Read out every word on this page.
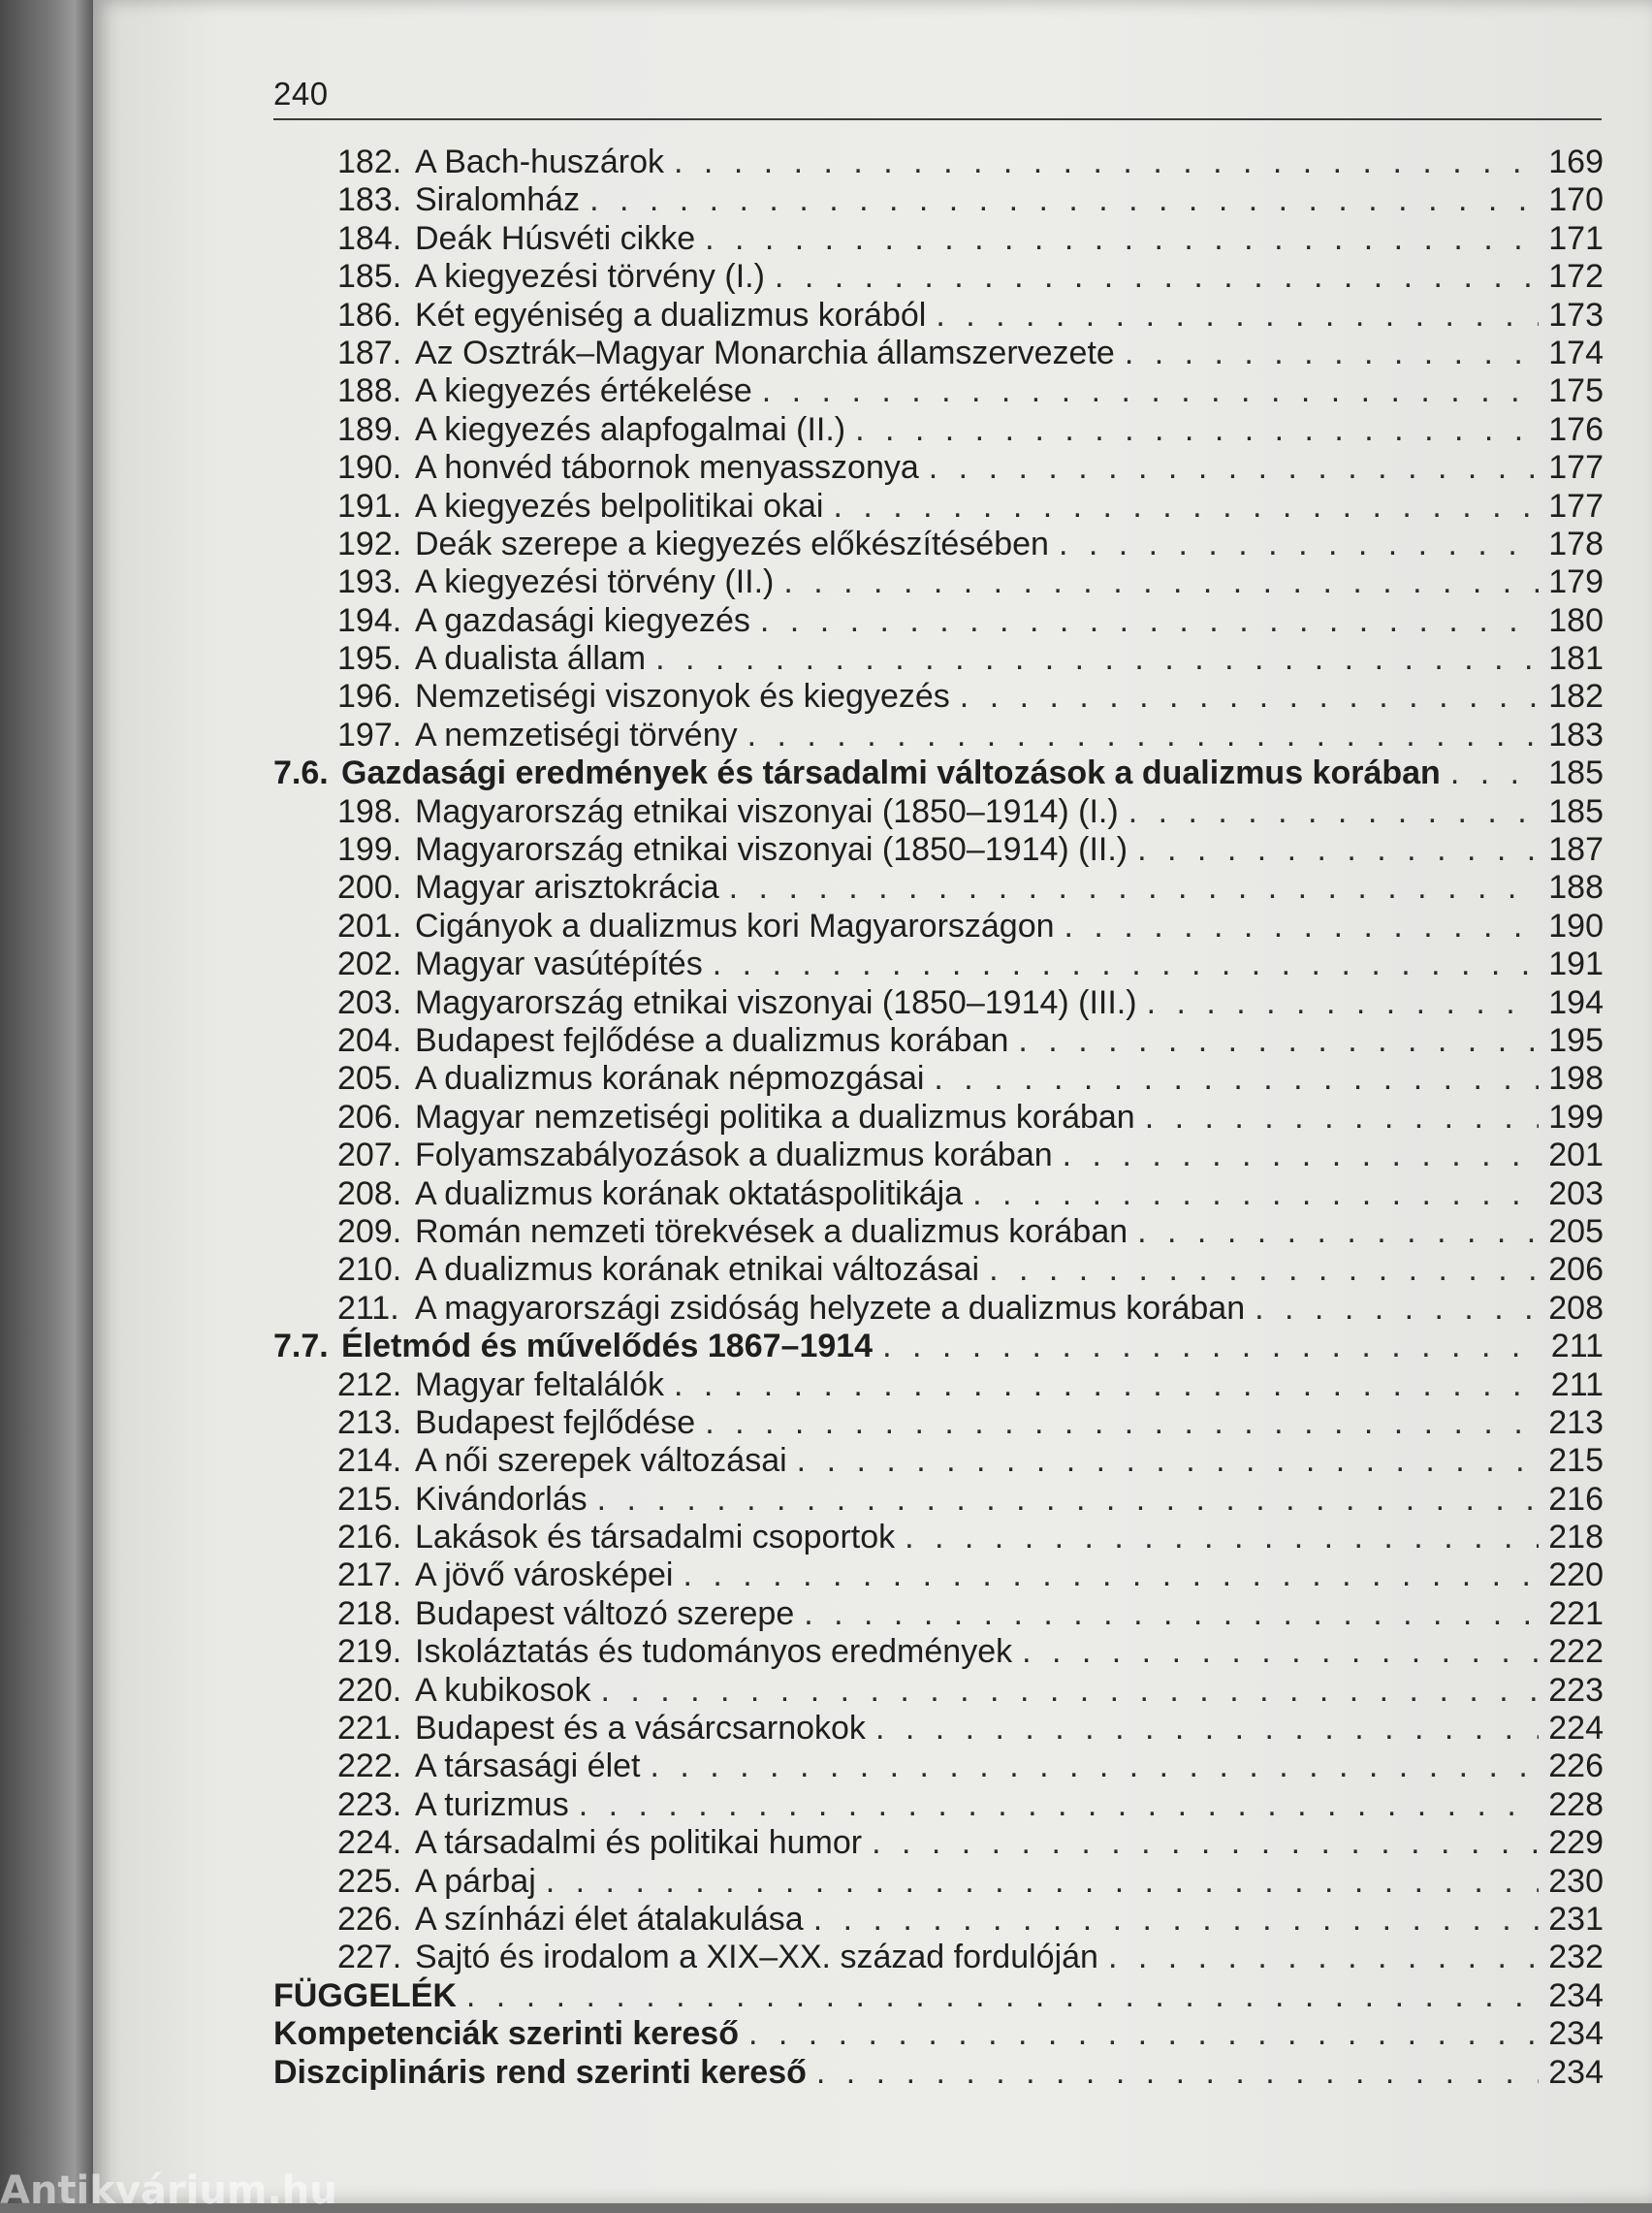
240
182. A Bach-huszárok . . .	169
183. Siralomház . . .	170
184. Deák Húsvéti cikke . . .	171
185. A kiegyezési törvény (I.) . . .	172
186. Két egyéniség a dualizmus korából . . .	173
187. Az Osztrák–Magyar Monarchia államszervezete . . .	174
188. A kiegyezés értékelése . . .	175
189. A kiegyezés alapfogalmai (II.) . . .	176
190. A honvéd tábornok menyasszonya . . .	177
191. A kiegyezés belpolitikai okai . . .	177
192. Deák szerepe a kiegyezés előkészítésében . . .	178
193. A kiegyezési törvény (II.) . . .	179
194. A gazdasági kiegyezés . . .	180
195. A dualista állam . . .	181
196. Nemzetiségi viszonyok és kiegyezés . . .	182
197. A nemzetiségi törvény . . .	183
7.6. Gazdasági eredmények és társadalmi változások a dualizmus korában . . .	185
198. Magyarország etnikai viszonyai (1850–1914) (I.) . . .	185
199. Magyarország etnikai viszonyai (1850–1914) (II.) . . .	187
200. Magyar arisztokrácia . . .	188
201. Cigányok a dualizmus kori Magyarországon . . .	190
202. Magyar vasútépítés . . .	191
203. Magyarország etnikai viszonyai (1850–1914) (III.) . . .	194
204. Budapest fejlődése a dualizmus korában . . .	195
205. A dualizmus korának népmozgásai . . .	198
206. Magyar nemzetiségi politika a dualizmus korában . . .	199
207. Folyamszabályozások a dualizmus korában . . .	201
208. A dualizmus korának oktatáspolitikája . . .	203
209. Román nemzeti törekvések a dualizmus korában . . .	205
210. A dualizmus korának etnikai változásai . . .	206
211. A magyarországi zsidóság helyzete a dualizmus korában . . .	208
7.7. Életmód és művelődés 1867–1914 . . .	211
212. Magyar feltalálók . . .	211
213. Budapest fejlődése . . .	213
214. A női szerepek változásai . . .	215
215. Kivándorlás . . .	216
216. Lakások és társadalmi csoportok . . .	218
217. A jövő városképei . . .	220
218. Budapest változó szerepe . . .	221
219. Iskoláztatás és tudományos eredmények . . .	222
220. A kubikosok . . .	223
221. Budapest és a vásárcsarnokok . . .	224
222. A társasági élet . . .	226
223. A turizmus . . .	228
224. A társadalmi és politikai humor . . .	229
225. A párbaj . . .	230
226. A színházi élet átalakulása . . .	231
227. Sajtó és irodalom a XIX–XX. század fordulóján . . .	232
FÜGGELÉK . . .	234
Kompetenciák szerinti kereső . . .	234
Diszciplináris rend szerinti kereső . . .	234
Antikvárium.hu
